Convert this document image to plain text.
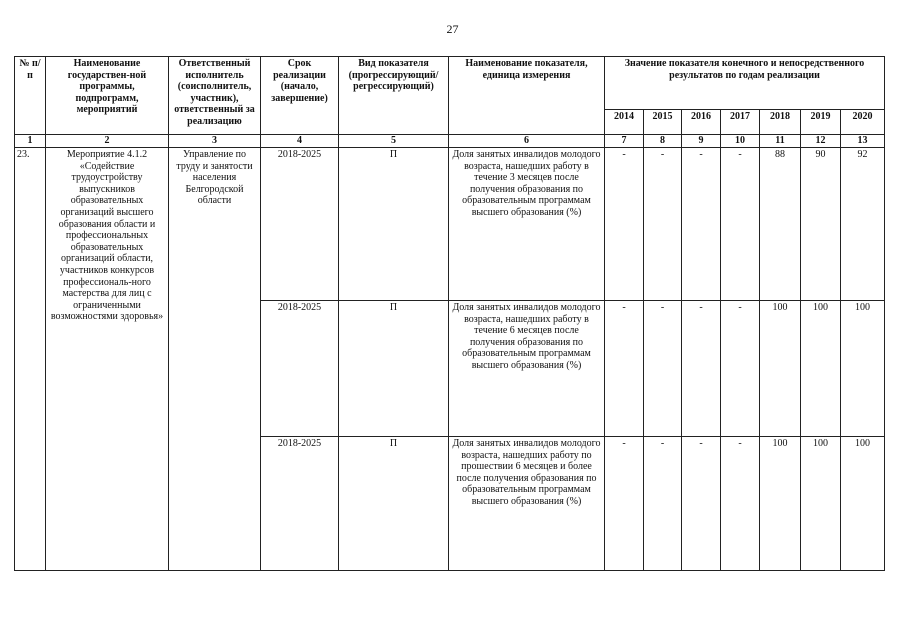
27
№ п/п	Наименование государствен-ной программы, подпрограмм, мероприятий	Ответственный исполнитель (соисполнитель, участник), ответственный за реализацию	Срок реализации (начало, завершение)	Вид показателя (прогрессирующий/ регрессирующий)	Наименование показателя, единица измерения	Значение показателя конечного и непосредственного результатов по годам реализации						
						2014	2015	2016	2017	2018	2019	2020
1	2	3	4	5	6	7	8	9	10	11	12	13
23.	Мероприятие 4.1.2 «Содействие трудоустройству выпускников образовательных организаций высшего образования области и профессиональных образовательных организаций области, участников конкурсов профессиональ-ного мастерства для лиц с ограниченными возможностями здоровья»	Управление по труду и занятости населения Белгородской области	2018-2025	П	Доля занятых инвалидов молодого возраста, нашедших работу в течение 3 месяцев после получения образования по образовательным программам высшего образования (%)	-	-	-	-	88	90	92
			2018-2025	П	Доля занятых инвалидов молодого возраста, нашедших работу в течение 6 месяцев после получения образования по образовательным программам высшего образования (%)	-	-	-	-	100	100	100
			2018-2025	П	Доля занятых инвалидов молодого возраста, нашедших работу по прошествии 6 месяцев и более после получения образования по образовательным программам высшего образования (%)	-	-	-	-	100	100	100
